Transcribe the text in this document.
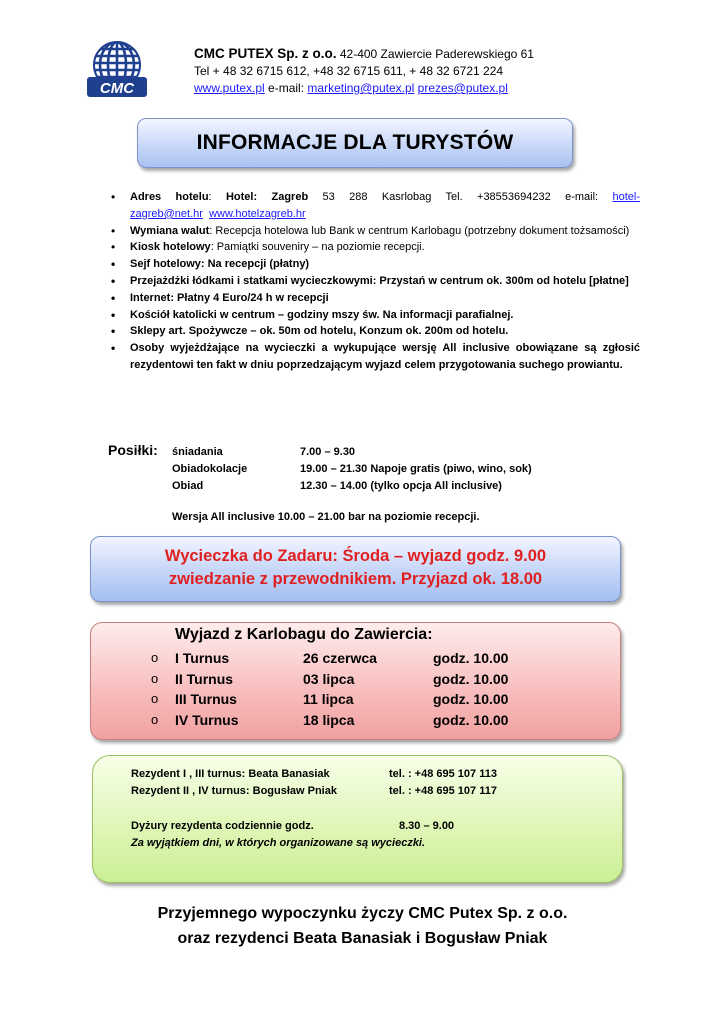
CMC
CMC PUTEX Sp. z o.o. 42-400 Zawiercie Paderewskiego 61
Tel + 48 32 6715 612, +48 32 6715 611, + 48 32 6721 224
www.putex.pl e-mail: marketing@putex.pl prezes@putex.pl
INFORMACJE DLA TURYSTÓW
• Adres hotelu: Hotel: Zagreb 53 288 Kasrlobag Tel. +38553694232 e-mail: hotel-zagreb@net.hr www.hotelzagreb.hr
• Wymiana walut: Recepcja hotelowa lub Bank w centrum Karlobagu (potrzebny dokument tożsamości)
• Kiosk hotelowy: Pamiątki souveniry – na poziomie recepcji.
• Sejf hotelowy: Na recepcji (płatny)
• Przejażdżki łódkami i statkami wycieczkowymi: Przystań w centrum ok. 300m od hotelu [płatne]
• Internet: Płatny 4 Euro/24 h w recepcji
• Kościół katolicki w centrum – godziny mszy św. Na informacji parafialnej.
• Sklepy art. Spożywcze – ok. 50m od hotelu, Konzum ok. 200m od hotelu.
• Osoby wyjeżdżające na wycieczki a wykupujące wersję All inclusive obowiązane są zgłosić rezydentowi ten fakt w dniu poprzedzającym wyjazd celem przygotowania suchego prowiantu.
Posiłki: śniadania	7.00 – 9.30
Obiadokolacje	19.00 – 21.30 Napoje gratis (piwo, wino, sok)
Obiad	12.30 – 14.00 (tylko opcja All inclusive)
Wersja All inclusive 10.00 – 21.00 bar na poziomie recepcji.
Wycieczka do Zadaru: Środa – wyjazd godz. 9.00
zwiedzanie z przewodnikiem. Przyjazd ok. 18.00
Wyjazd z Karlobagu do Zawiercia:
o	I Turnus	26 czerwca	godz. 10.00
o	II Turnus	03 lipca	godz. 10.00
o	III Turnus	11 lipca	godz. 10.00
o	IV Turnus	18 lipca	godz. 10.00
Rezydent I , III turnus: Beata Banasiak	tel. : +48 695 107 113
Rezydent II , IV turnus: Bogusław Pniak	tel. : +48 695 107 117
Dyżury rezydenta codziennie godz.	8.30 – 9.00
Za wyjątkiem dni, w których organizowane są wycieczki.
Przyjemnego wypoczynku życzy CMC Putex Sp. z o.o.
oraz rezydenci Beata Banasiak i Bogusław Pniak
